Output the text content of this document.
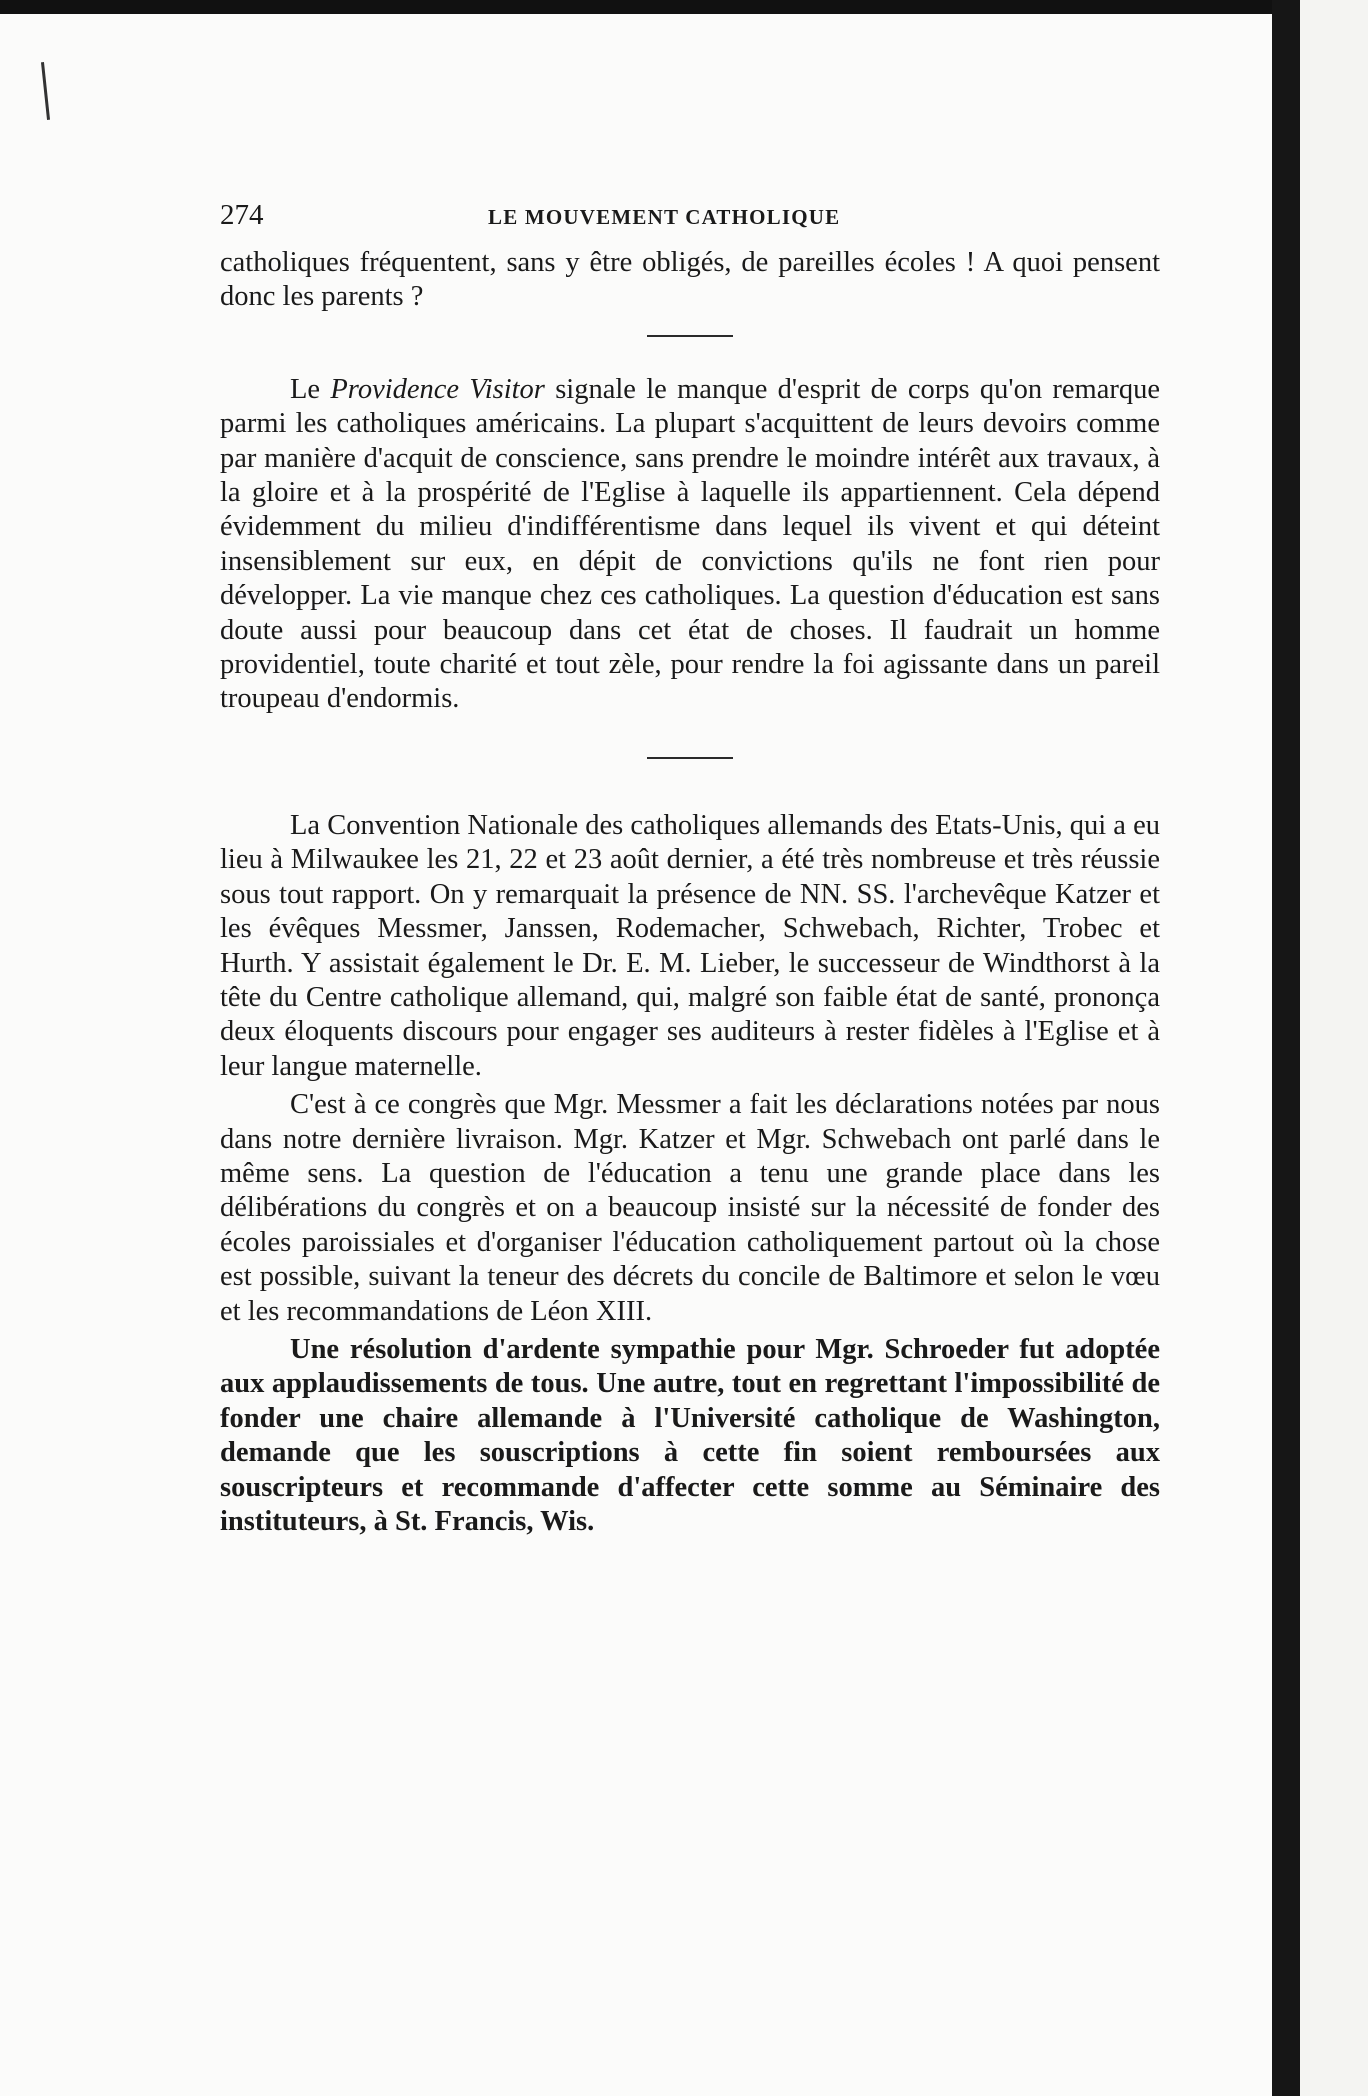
274	LE MOUVEMENT CATHOLIQUE

catholiques fréquentent, sans y être obligés, de pareilles écoles ! A quoi pensent donc les parents ?

Le Providence Visitor signale le manque d'esprit de corps qu'on remarque parmi les catholiques américains. La plupart s'acquittent de leurs devoirs comme par manière d'acquit de conscience, sans prendre le moindre intérêt aux travaux, à la gloire et à la prospérité de l'Eglise à laquelle ils appartiennent. Cela dépend évidemment du milieu d'indifférentisme dans lequel ils vivent et qui déteint insensiblement sur eux, en dépit de convictions qu'ils ne font rien pour développer. La vie manque chez ces catholiques. La question d'éducation est sans doute aussi pour beaucoup dans cet état de choses. Il faudrait un homme providentiel, toute charité et tout zèle, pour rendre la foi agissante dans un pareil troupeau d'endormis.

La Convention Nationale des catholiques allemands des Etats-Unis, qui a eu lieu à Milwaukee les 21, 22 et 23 août dernier, a été très nombreuse et très réussie sous tout rapport. On y remarquait la présence de NN. SS. l'archevêque Katzer et les évêques Messmer, Janssen, Rodemacher, Schwebach, Richter, Trobec et Hurth. Y assistait également le Dr. E. M. Lieber, le successeur de Windthorst à la tête du Centre catholique allemand, qui, malgré son faible état de santé, prononça deux éloquents discours pour engager ses auditeurs à rester fidèles à l'Eglise et à leur langue maternelle.

C'est à ce congrès que Mgr. Messmer a fait les déclarations notées par nous dans notre dernière livraison. Mgr. Katzer et Mgr. Schwebach ont parlé dans le même sens. La question de l'éducation a tenu une grande place dans les délibérations du congrès et on a beaucoup insisté sur la nécessité de fonder des écoles paroissiales et d'organiser l'éducation catholiquement partout où la chose est possible, suivant la teneur des décrets du concile de Baltimore et selon le vœu et les recommandations de Léon XIII.

Une résolution d'ardente sympathie pour Mgr. Schroeder fut adoptée aux applaudissements de tous. Une autre, tout en regrettant l'impossibilité de fonder une chaire allemande à l'Université catholique de Washington, demande que les souscriptions à cette fin soient remboursées aux souscripteurs et recommande d'affecter cette somme au Séminaire des instituteurs, à St. Francis, Wis.
